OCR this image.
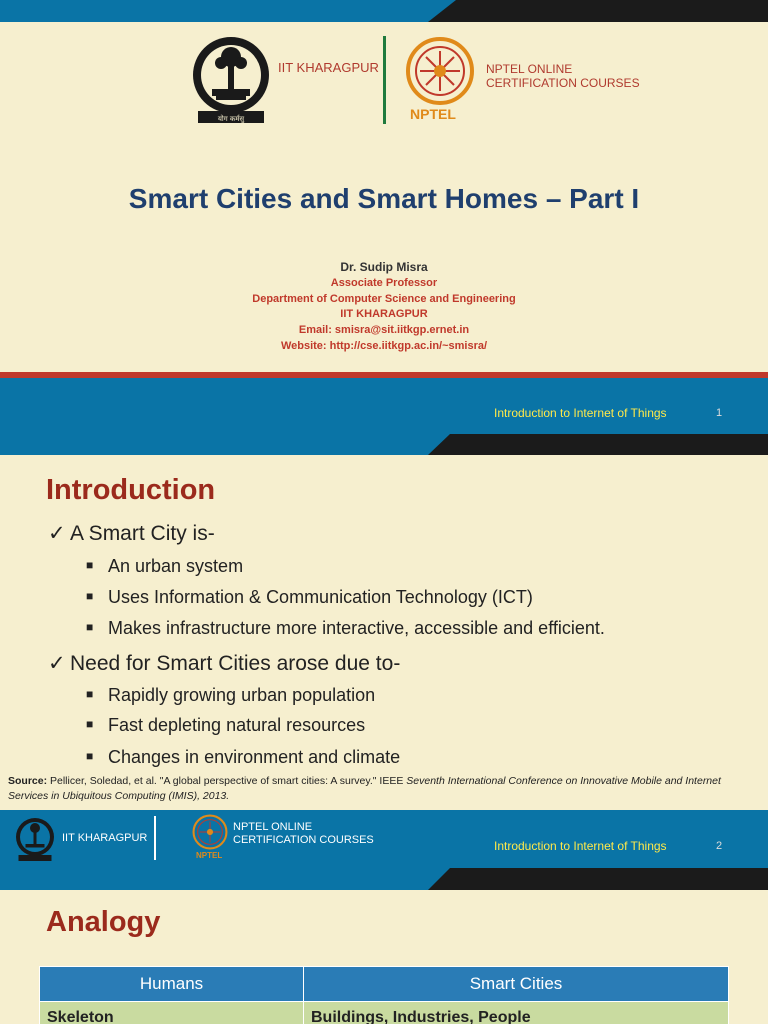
योग कर्मसु
IIT KHARAGPUR
NPTEL
NPTEL ONLINE
CERTIFICATION COURSES
Smart Cities and Smart Homes – Part I
Dr. Sudip Misra
Associate Professor
Department of Computer Science and Engineering
IIT KHARAGPUR
Email: smisra@sit.iitkgp.ernet.in
Website: http://cse.iitkgp.ac.in/~smisra/
Introduction to Internet of Things	1
Introduction
✓ A Smart City is-
■ An urban system
■ Uses Information & Communication Technology (ICT)
■ Makes infrastructure more interactive, accessible and efficient.
✓ Need for Smart Cities arose due to-
■ Rapidly growing urban population
■ Fast depleting natural resources
■ Changes in environment and climate
Source: Pellicer, Soledad, et al. "A global perspective of smart cities: A survey." IEEE Seventh International Conference on Innovative Mobile and Internet Services in Ubiquitous Computing (IMIS), 2013.
IIT KHARAGPUR
NPTEL
NPTEL ONLINE
CERTIFICATION COURSES	Introduction to Internet of Things	2
Analogy
Humans	Smart Cities
Skeleton	Buildings, Industries, People
